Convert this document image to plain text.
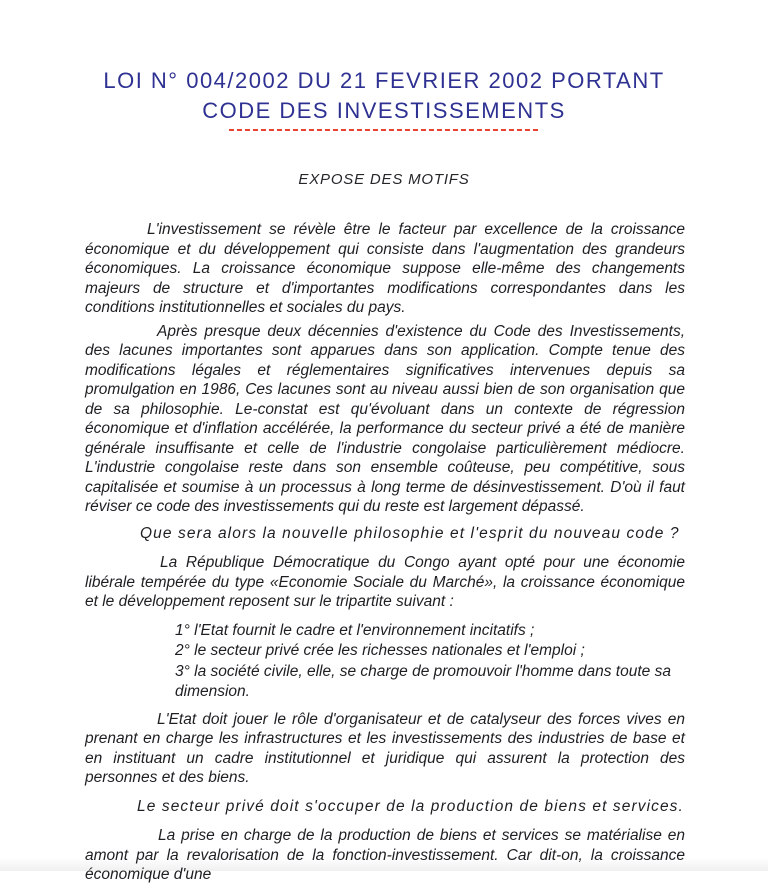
LOI N° 004/2002 DU 21 FEVRIER 2002 PORTANT
CODE DES INVESTISSEMENTS
EXPOSE DES MOTIFS

L'investissement se révèle être le facteur par excellence de la croissance économique et du développement qui consiste dans l'augmentation des grandeurs économiques. La croissance économique suppose elle-même des changements majeurs de structure et d'importantes modifications correspondantes dans les conditions institutionnelles et sociales du pays.

Après presque deux décennies d'existence du Code des Investissements, des lacunes importantes sont apparues dans son application. Compte tenue des modifications légales et réglementaires significatives intervenues depuis sa promulgation en 1986, Ces lacunes sont au niveau aussi bien de son organisation que de sa philosophie. Le-constat est qu'évoluant dans un contexte de régression économique et d'inflation accélérée, la performance du secteur privé a été de manière générale insuffisante et celle de l'industrie congolaise particulièrement médiocre. L'industrie congolaise reste dans son ensemble coûteuse, peu compétitive, sous capitalisée et soumise à un processus à long terme de désinvestissement. D'où il faut réviser ce code des investissements qui du reste est largement dépassé.

Que sera alors la nouvelle philosophie et l'esprit du nouveau code ?

La République Démocratique du Congo ayant opté pour une économie libérale tempérée du type «Economie Sociale du Marché», la croissance économique et le développement reposent sur le tripartite suivant :

1° l'Etat fournit le cadre et l'environnement incitatifs ;
2° le secteur privé crée les richesses nationales et l'emploi ;
3° la société civile, elle, se charge de promouvoir l'homme dans toute sa dimension.

L'Etat doit jouer le rôle d'organisateur et de catalyseur des forces vives en prenant en charge les infrastructures et les investissements des industries de base et en instituant un cadre institutionnel et juridique qui assurent la protection des personnes et des biens.

Le secteur privé doit s'occuper de la production de biens et services.

La prise en charge de la production de biens et services se matérialise en amont par la revalorisation de la fonction-investissement. Car dit-on, la croissance économique d'une
